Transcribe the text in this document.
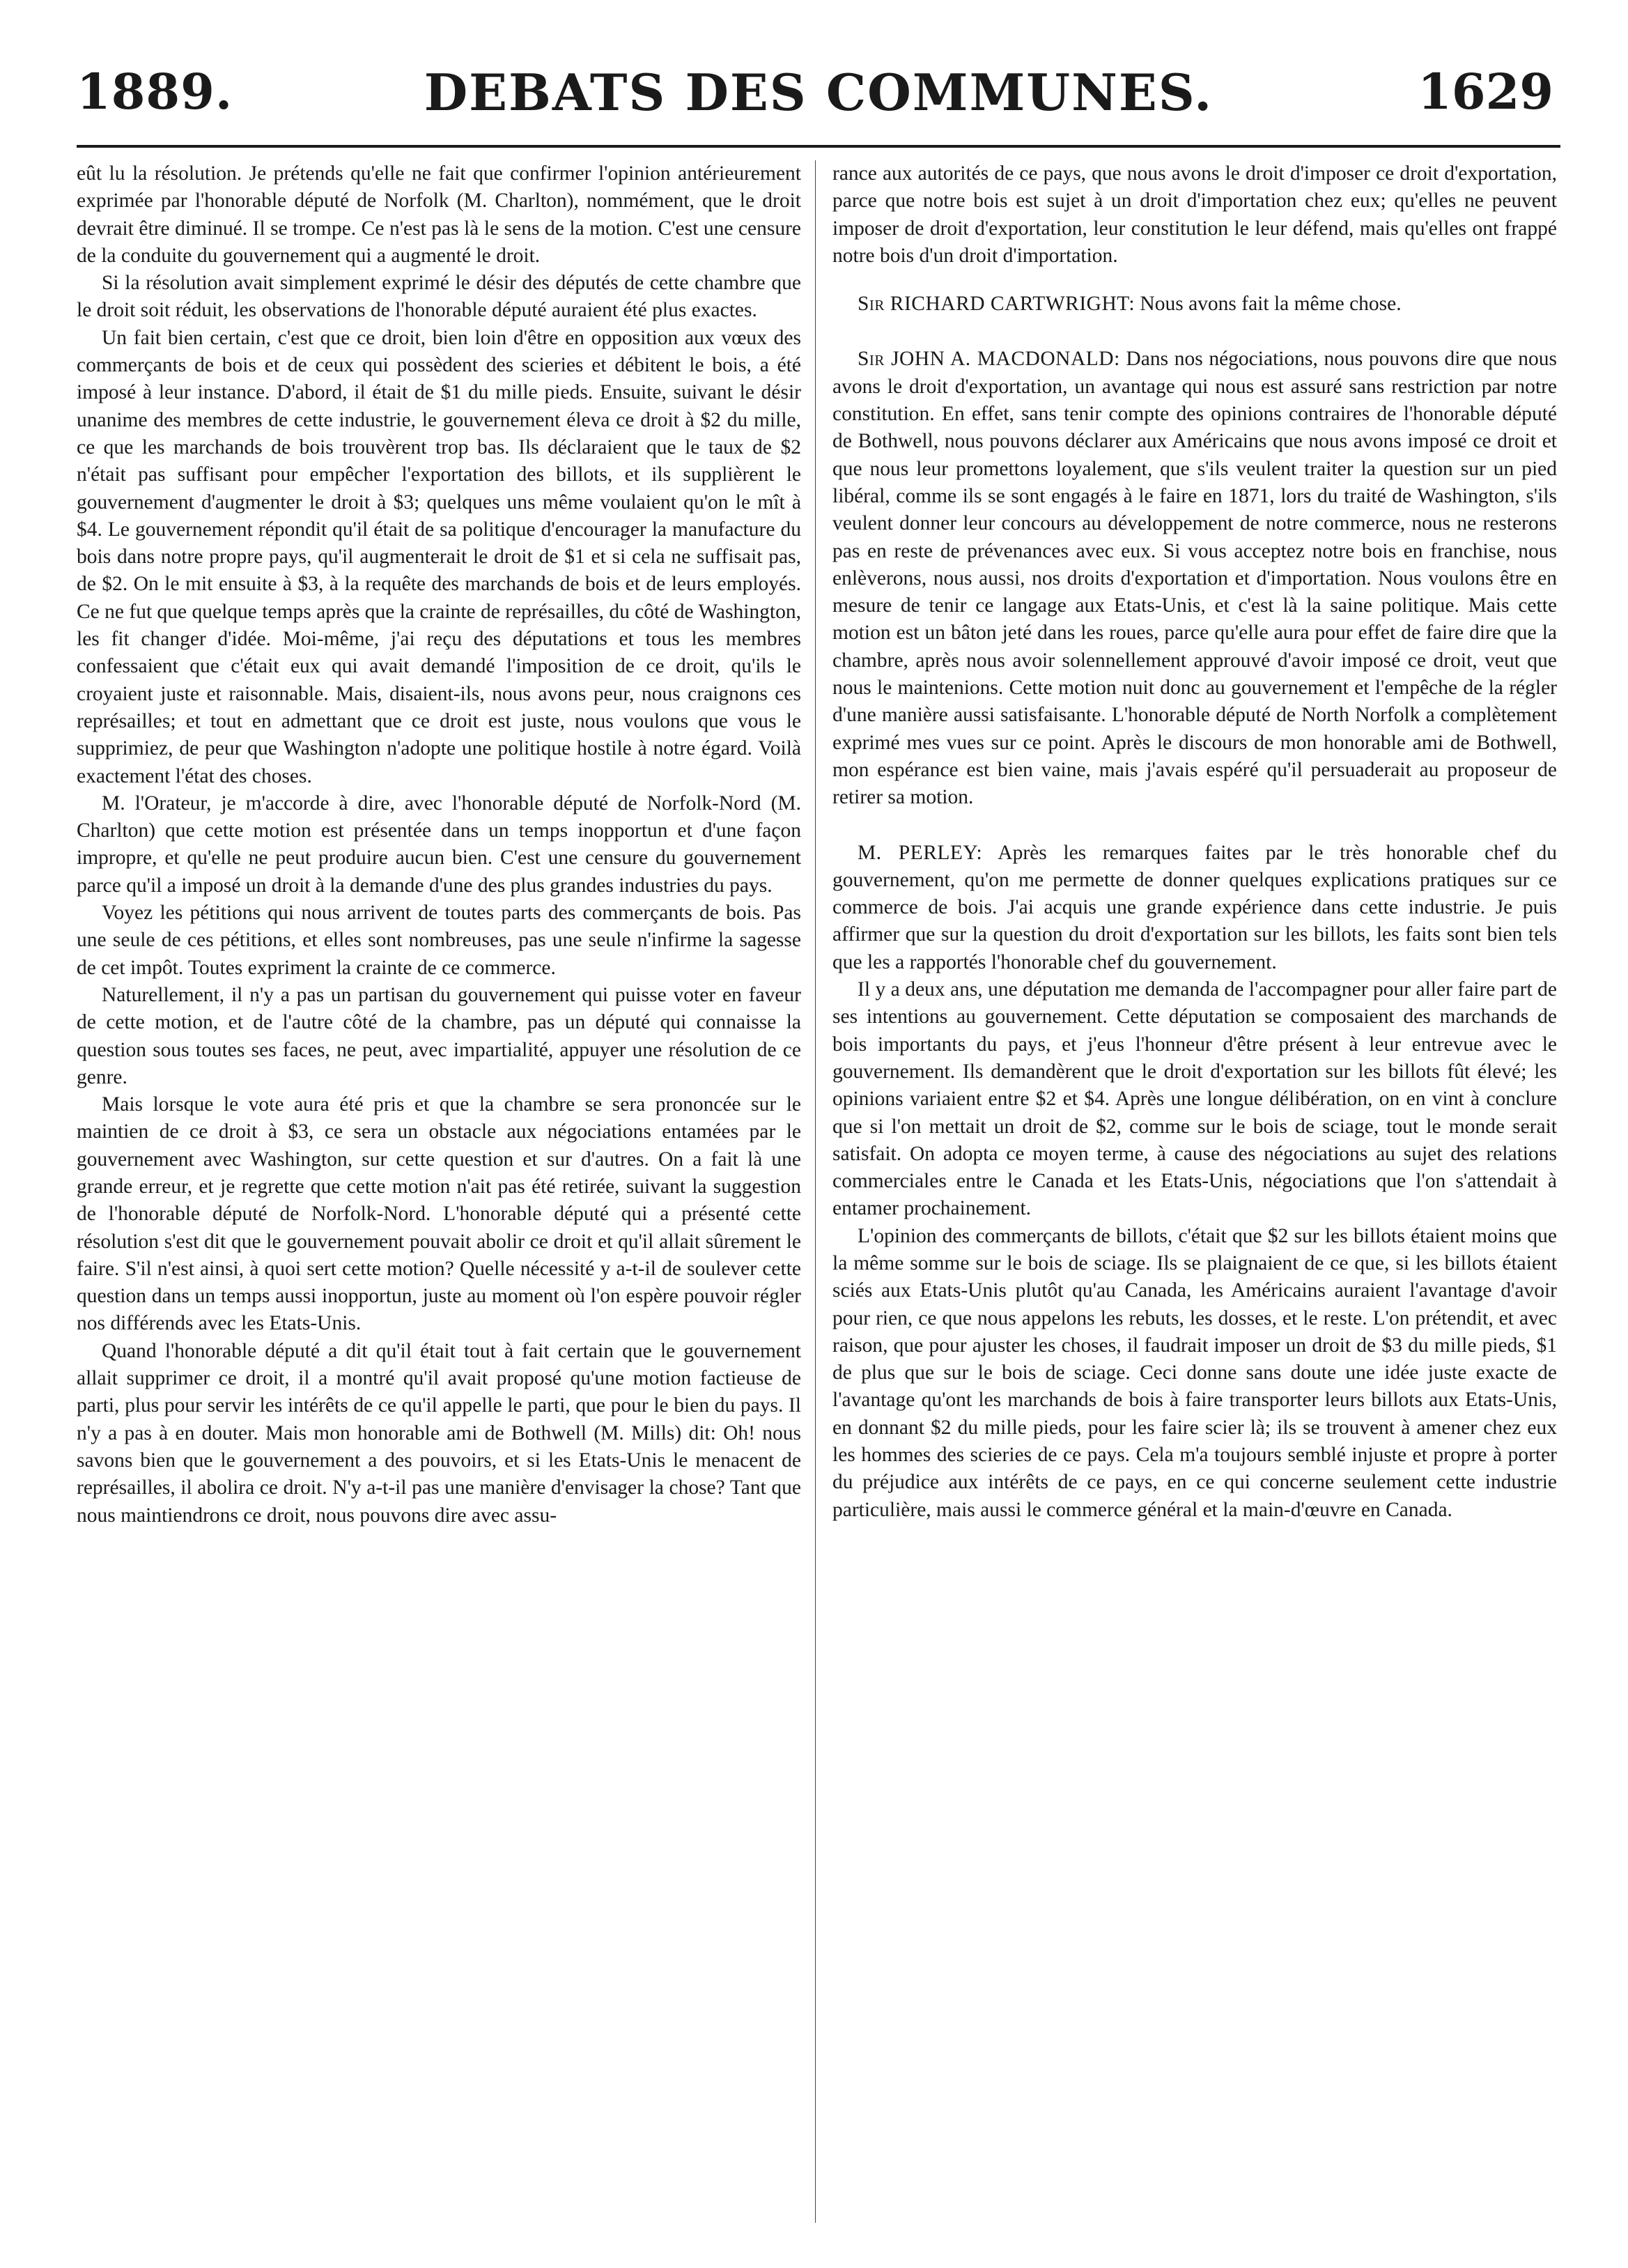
1889.	DEBATS DES COMMUNES.	1629

eût lu la résolution. Je prétends qu'elle ne fait que confirmer l'opinion antérieurement exprimée par l'honorable député de Norfolk (M. Charlton), nommément, que le droit devrait être diminué. Il se trompe. Ce n'est pas là le sens de la motion. C'est une censure de la conduite du gouvernement qui a augmenté le droit.

Si la résolution avait simplement exprimé le désir des députés de cette chambre que le droit soit réduit, les observations de l'honorable député auraient été plus exactes.

Un fait bien certain, c'est que ce droit, bien loin d'être en opposition aux vœux des commerçants de bois et de ceux qui possèdent des scieries et débitent le bois, a été imposé à leur instance. D'abord, il était de $1 du mille pieds. Ensuite, suivant le désir unanime des membres de cette industrie, le gouvernement éleva ce droit à $2 du mille, ce que les marchands de bois trouvèrent trop bas. Ils déclaraient que le taux de $2 n'était pas suffisant pour empêcher l'exportation des billots, et ils supplièrent le gouvernement d'augmenter le droit à $3; quelques uns même voulaient qu'on le mît à $4. Le gouvernement répondit qu'il était de sa politique d'encourager la manufacture du bois dans notre propre pays, qu'il augmenterait le droit de $1 et si cela ne suffisait pas, de $2. On le mit ensuite à $3, à la requête des marchands de bois et de leurs employés. Ce ne fut que quelque temps après que la crainte de représailles, du côté de Washington, les fit changer d'idée. Moi-même, j'ai reçu des députations et tous les membres confessaient que c'était eux qui avait demandé l'imposition de ce droit, qu'ils le croyaient juste et raisonnable. Mais, disaient-ils, nous avons peur, nous craignons ces représailles; et tout en admettant que ce droit est juste, nous voulons que vous le supprimiez, de peur que Washington n'adopte une politique hostile à notre égard. Voilà exactement l'état des choses.

M. l'Orateur, je m'accorde à dire, avec l'honorable député de Norfolk-Nord (M. Charlton) que cette motion est présentée dans un temps inopportun et d'une façon impropre, et qu'elle ne peut produire aucun bien. C'est une censure du gouvernement parce qu'il a imposé un droit à la demande d'une des plus grandes industries du pays.

Voyez les pétitions qui nous arrivent de toutes parts des commerçants de bois. Pas une seule de ces pétitions, et elles sont nombreuses, pas une seule n'infirme la sagesse de cet impôt. Toutes expriment la crainte de ce commerce.

Naturellement, il n'y a pas un partisan du gouvernement qui puisse voter en faveur de cette motion, et de l'autre côté de la chambre, pas un député qui connaisse la question sous toutes ses faces, ne peut, avec impartialité, appuyer une résolution de ce genre.

Mais lorsque le vote aura été pris et que la chambre se sera prononcée sur le maintien de ce droit à $3, ce sera un obstacle aux négociations entamées par le gouvernement avec Washington, sur cette question et sur d'autres. On a fait là une grande erreur, et je regrette que cette motion n'ait pas été retirée, suivant la suggestion de l'honorable député de Norfolk-Nord. L'honorable député qui a présenté cette résolution s'est dit que le gouvernement pouvait abolir ce droit et qu'il allait sûrement le faire. S'il n'est ainsi, à quoi sert cette motion? Quelle nécessité y a-t-il de soulever cette question dans un temps aussi inopportun, juste au moment où l'on espère pouvoir régler nos différends avec les Etats-Unis.

Quand l'honorable député a dit qu'il était tout à fait certain que le gouvernement allait supprimer ce droit, il a montré qu'il avait proposé qu'une motion factieuse de parti, plus pour servir les intérêts de ce qu'il appelle le parti, que pour le bien du pays. Il n'y a pas à en douter. Mais mon honorable ami de Bothwell (M. Mills) dit: Oh! nous savons bien que le gouvernement a des pouvoirs, et si les Etats-Unis le menacent de représailles, il abolira ce droit. N'y a-t-il pas une manière d'envisager la chose? Tant que nous maintiendrons ce droit, nous pouvons dire avec assu-

rance aux autorités de ce pays, que nous avons le droit d'imposer ce droit d'exportation, parce que notre bois est sujet à un droit d'importation chez eux; qu'elles ne peuvent imposer de droit d'exportation, leur constitution le leur défend, mais qu'elles ont frappé notre bois d'un droit d'importation.

Sir RICHARD CARTWRIGHT: Nous avons fait la même chose.

Sir JOHN A. MACDONALD: Dans nos négociations, nous pouvons dire que nous avons le droit d'exportation, un avantage qui nous est assuré sans restriction par notre constitution. En effet, sans tenir compte des opinions contraires de l'honorable député de Bothwell, nous pouvons déclarer aux Américains que nous avons imposé ce droit et que nous leur promettons loyalement, que s'ils veulent traiter la question sur un pied libéral, comme ils se sont engagés à le faire en 1871, lors du traité de Washington, s'ils veulent donner leur concours au développement de notre commerce, nous ne resterons pas en reste de prévenances avec eux. Si vous acceptez notre bois en franchise, nous enlèverons, nous aussi, nos droits d'exportation et d'importation. Nous voulons être en mesure de tenir ce langage aux Etats-Unis, et c'est là la saine politique. Mais cette motion est un bâton jeté dans les roues, parce qu'elle aura pour effet de faire dire que la chambre, après nous avoir solennellement approuvé d'avoir imposé ce droit, veut que nous le maintenions. Cette motion nuit donc au gouvernement et l'empêche de la régler d'une manière aussi satisfaisante. L'honorable député de North Norfolk a complètement exprimé mes vues sur ce point. Après le discours de mon honorable ami de Bothwell, mon espérance est bien vaine, mais j'avais espéré qu'il persuaderait au proposeur de retirer sa motion.

M. PERLEY: Après les remarques faites par le très honorable chef du gouvernement, qu'on me permette de donner quelques explications pratiques sur ce commerce de bois. J'ai acquis une grande expérience dans cette industrie. Je puis affirmer que sur la question du droit d'exportation sur les billots, les faits sont bien tels que les a rapportés l'honorable chef du gouvernement.

Il y a deux ans, une députation me demanda de l'accompagner pour aller faire part de ses intentions au gouvernement. Cette députation se composaient des marchands de bois importants du pays, et j'eus l'honneur d'être présent à leur entrevue avec le gouvernement. Ils demandèrent que le droit d'exportation sur les billots fût élevé; les opinions variaient entre $2 et $4. Après une longue délibération, on en vint à conclure que si l'on mettait un droit de $2, comme sur le bois de sciage, tout le monde serait satisfait. On adopta ce moyen terme, à cause des négociations au sujet des relations commerciales entre le Canada et les Etats-Unis, négociations que l'on s'attendait à entamer prochainement.

L'opinion des commerçants de billots, c'était que $2 sur les billots étaient moins que la même somme sur le bois de sciage. Ils se plaignaient de ce que, si les billots étaient sciés aux Etats-Unis plutôt qu'au Canada, les Américains auraient l'avantage d'avoir pour rien, ce que nous appelons les rebuts, les dosses, et le reste. L'on prétendit, et avec raison, que pour ajuster les choses, il faudrait imposer un droit de $3 du mille pieds, $1 de plus que sur le bois de sciage. Ceci donne sans doute une idée juste exacte de l'avantage qu'ont les marchands de bois à faire transporter leurs billots aux Etats-Unis, en donnant $2 du mille pieds, pour les faire scier là; ils se trouvent à amener chez eux les hommes des scieries de ce pays. Cela m'a toujours semblé injuste et propre à porter du préjudice aux intérêts de ce pays, en ce qui concerne seulement cette industrie particulière, mais aussi le commerce général et la main-d'œuvre en Canada.
